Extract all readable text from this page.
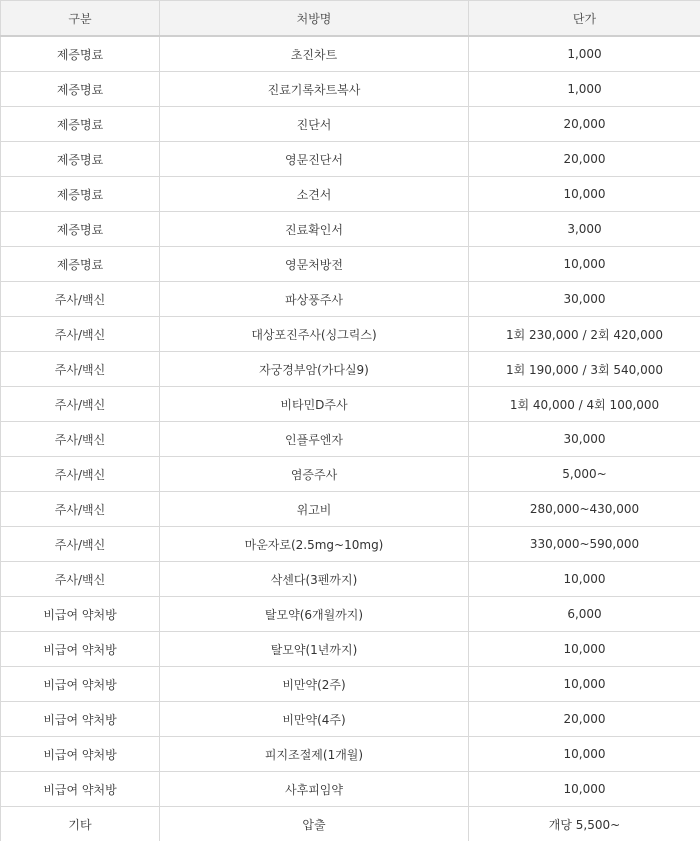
구분	처방명	단가
제증명료	초진차트	1,000
제증명료	진료기록차트복사	1,000
제증명료	진단서	20,000
제증명료	영문진단서	20,000
제증명료	소견서	10,000
제증명료	진료확인서	3,000
제증명료	영문처방전	10,000
주사/백신	파상풍주사	30,000
주사/백신	대상포진주사(싱그릭스)	1회 230,000 / 2회 420,000
주사/백신	자궁경부암(가다실9)	1회 190,000 / 3회 540,000
주사/백신	비타민D주사	1회 40,000 / 4회 100,000
주사/백신	인플루엔자	30,000
주사/백신	염증주사	5,000~
주사/백신	위고비	280,000~430,000
주사/백신	마운자로(2.5mg~10mg)	330,000~590,000
주사/백신	삭센다(3펜까지)	10,000
비급여 약처방	탈모약(6개월까지)	6,000
비급여 약처방	탈모약(1년까지)	10,000
비급여 약처방	비만약(2주)	10,000
비급여 약처방	비만약(4주)	20,000
비급여 약처방	피지조절제(1개월)	10,000
비급여 약처방	사후피임약	10,000
기타	압출	개당 5,500~
